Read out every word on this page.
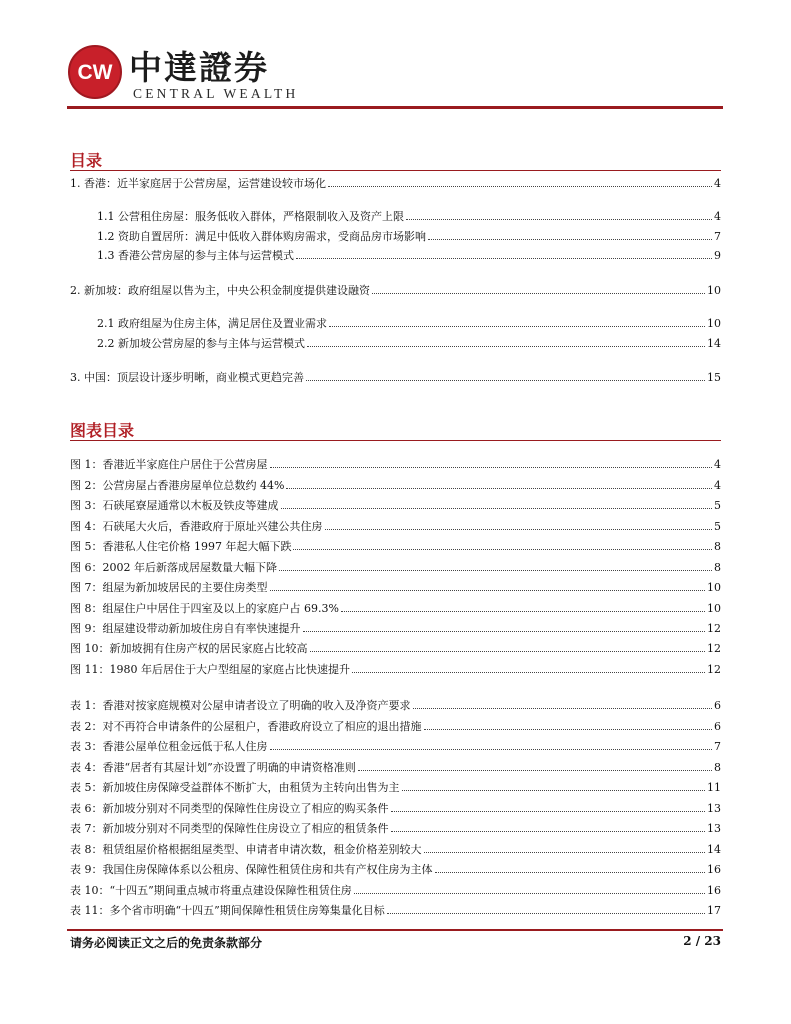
CW 中達證券
CENTRAL WEALTH
目录
1. 香港：近半家庭居于公营房屋，运营建设较市场化	4
1.1 公营租住房屋：服务低收入群体，严格限制收入及资产上限	4
1.2 资助自置居所：满足中低收入群体购房需求，受商品房市场影响	7
1.3 香港公营房屋的参与主体与运营模式	9
2. 新加坡：政府组屋以售为主，中央公积金制度提供建设融资	10
2.1 政府组屋为住房主体，满足居住及置业需求	10
2.2 新加坡公营房屋的参与主体与运营模式	14
3. 中国：顶层设计逐步明晰，商业模式更趋完善	15
图表目录
图 1：香港近半家庭住户居住于公营房屋	4
图 2：公营房屋占香港房屋单位总数约 44%	4
图 3：石硖尾寮屋通常以木板及铁皮等建成	5
图 4：石硖尾大火后，香港政府于原址兴建公共住房	5
图 5：香港私人住宅价格 1997 年起大幅下跌	8
图 6：2002 年后新落成居屋数量大幅下降	8
图 7：组屋为新加坡居民的主要住房类型	10
图 8：组屋住户中居住于四室及以上的家庭户占 69.3%	10
图 9：组屋建设带动新加坡住房自有率快速提升	12
图 10：新加坡拥有住房产权的居民家庭占比较高	12
图 11：1980 年后居住于大户型组屋的家庭占比快速提升	12
表 1：香港对按家庭规模对公屋申请者设立了明确的收入及净资产要求	6
表 2：对不再符合申请条件的公屋租户，香港政府设立了相应的退出措施	6
表 3：香港公屋单位租金远低于私人住房	7
表 4：香港“居者有其屋计划”亦设置了明确的申请资格准则	8
表 5：新加坡住房保障受益群体不断扩大，由租赁为主转向出售为主	11
表 6：新加坡分别对不同类型的保障性住房设立了相应的购买条件	13
表 7：新加坡分别对不同类型的保障性住房设立了相应的租赁条件	13
表 8：租赁组屋价格根据组屋类型、申请者申请次数，租金价格差别较大	14
表 9：我国住房保障体系以公租房、保障性租赁住房和共有产权住房为主体	16
表 10：“十四五”期间重点城市将重点建设保障性租赁住房	16
表 11：多个省市明确“十四五”期间保障性租赁住房筹集量化目标	17
请务必阅读正文之后的免责条款部分	2 / 23
